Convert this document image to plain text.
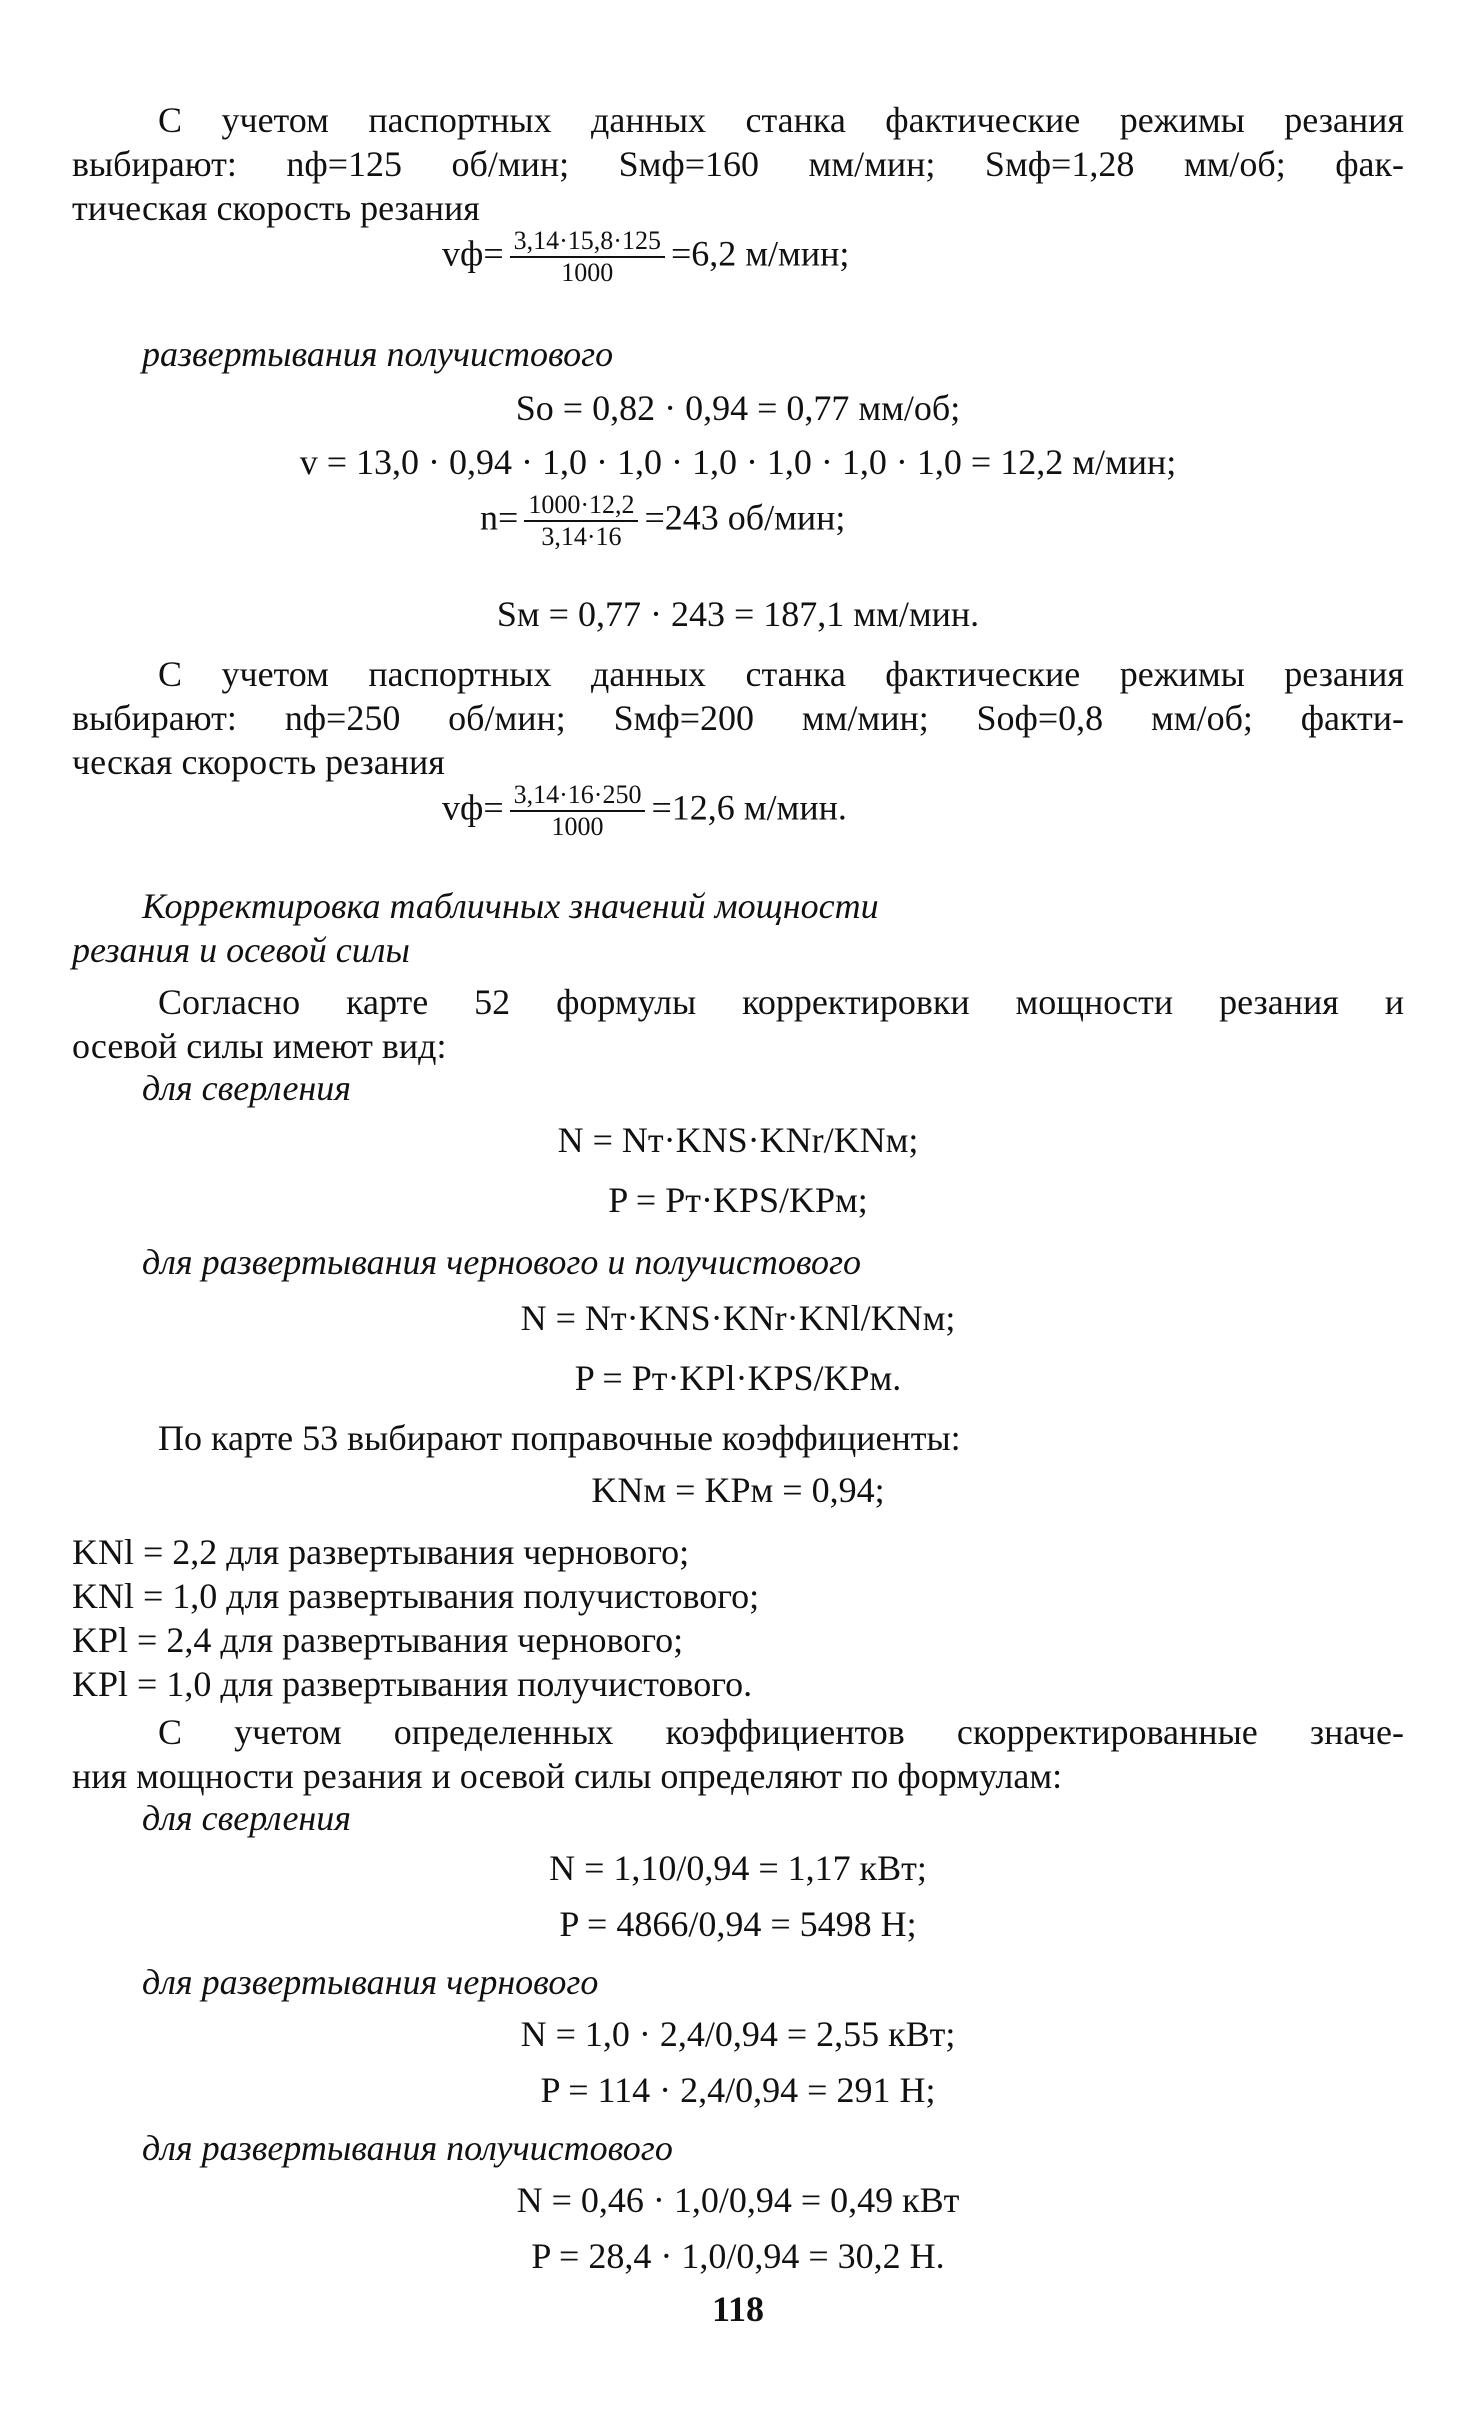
С учетом паспортных данных станка фактические режимы резания
выбирают: nф=125 об/мин; Sмф=160 мм/мин; Sмф=1,28 мм/об; фак-
тическая скорость резания
$vф= \frac{3,14\cdot 15,8\cdot 125}{1000} =6,2$ м/мин;
развертывания получистового
Sо = 0,82 · 0,94 = 0,77 мм/об;
v = 13,0 · 0,94 · 1,0 · 1,0 · 1,0 · 1,0 · 1,0 · 1,0 = 12,2 м/мин;
$n= \frac{1000\cdot 12,2}{3,14\cdot 16} =243$ об/мин;
Sм = 0,77 · 243 = 187,1 мм/мин.
С учетом паспортных данных станка фактические режимы резания
выбирают: nф=250 об/мин; Sмф=200 мм/мин; Soф=0,8 мм/об; факти-
ческая скорость резания
$vф= \frac{3,14\cdot 16\cdot 250}{1000} =12,6$ м/мин.
Корректировка табличных значений мощности
резания и осевой силы
Согласно карте 52 формулы корректировки мощности резания и
осевой силы имеют вид:
для сверления
N = Nт·KNS·KNr/KNм;
P = Pт·KPS/KPм;
для развертывания чернового и получистового
N = Nт·KNS·KNr·KNl/KNм;
P = Pт·KPl·KPS/KPм.
По карте 53 выбирают поправочные коэффициенты:
KNм = KPм = 0,94;
KNl = 2,2 для развертывания чернового;
KNl = 1,0 для развертывания получистового;
KPl = 2,4 для развертывания чернового;
KPl = 1,0 для развертывания получистового.
С учетом определенных коэффициентов скорректированные значе-
ния мощности резания и осевой силы определяют по формулам:
для сверления
N = 1,10/0,94 = 1,17 кВт;
P = 4866/0,94 = 5498 Н;
для развертывания чернового
N = 1,0 · 2,4/0,94 = 2,55 кВт;
P = 114 · 2,4/0,94 = 291 Н;
для развертывания получистового
N = 0,46 · 1,0/0,94 = 0,49 кВт
P = 28,4 · 1,0/0,94 = 30,2 Н.
118
